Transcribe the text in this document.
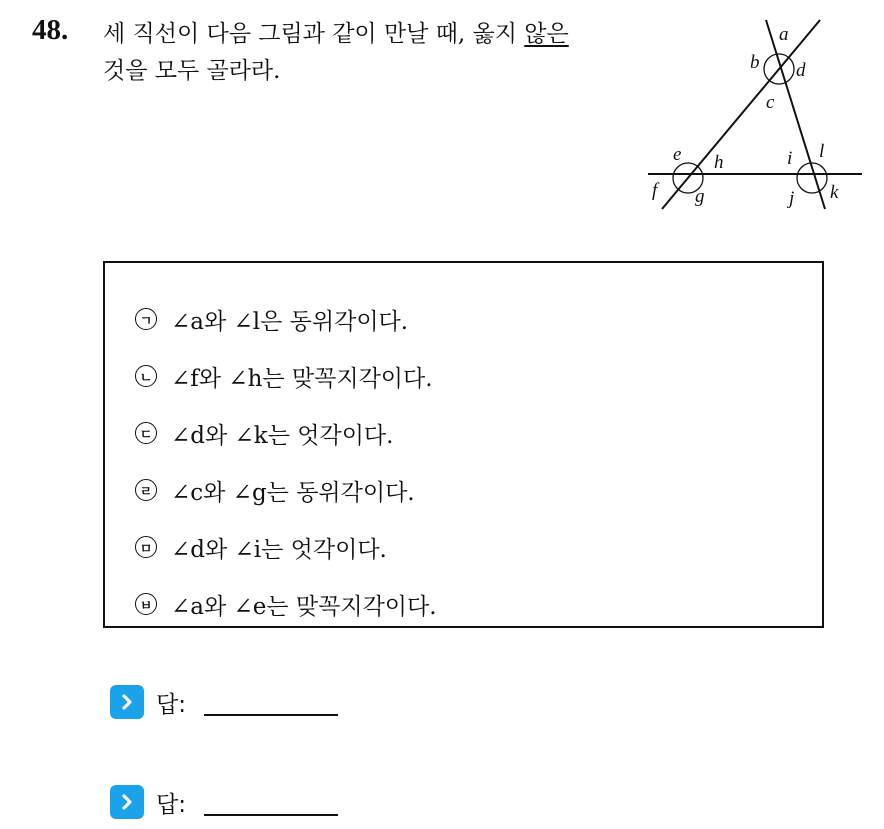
48. 세 직선이 다음 그림과 같이 만날 때, 옳지 않은
것을 모두 골라라.
a
b
c
d
e
f g
h	i
j k
l
ㄱ ∠a와 ∠l은 동위각이다.
ㄴ ∠f와 ∠h는 맞꼭지각이다.
ㄷ ∠d와 ∠k는 엇각이다.
ㄹ ∠c와 ∠g는 동위각이다.
ㅁ ∠d와 ∠i는 엇각이다.
ㅂ ∠a와 ∠e는 맞꼭지각이다.
답:
답:
